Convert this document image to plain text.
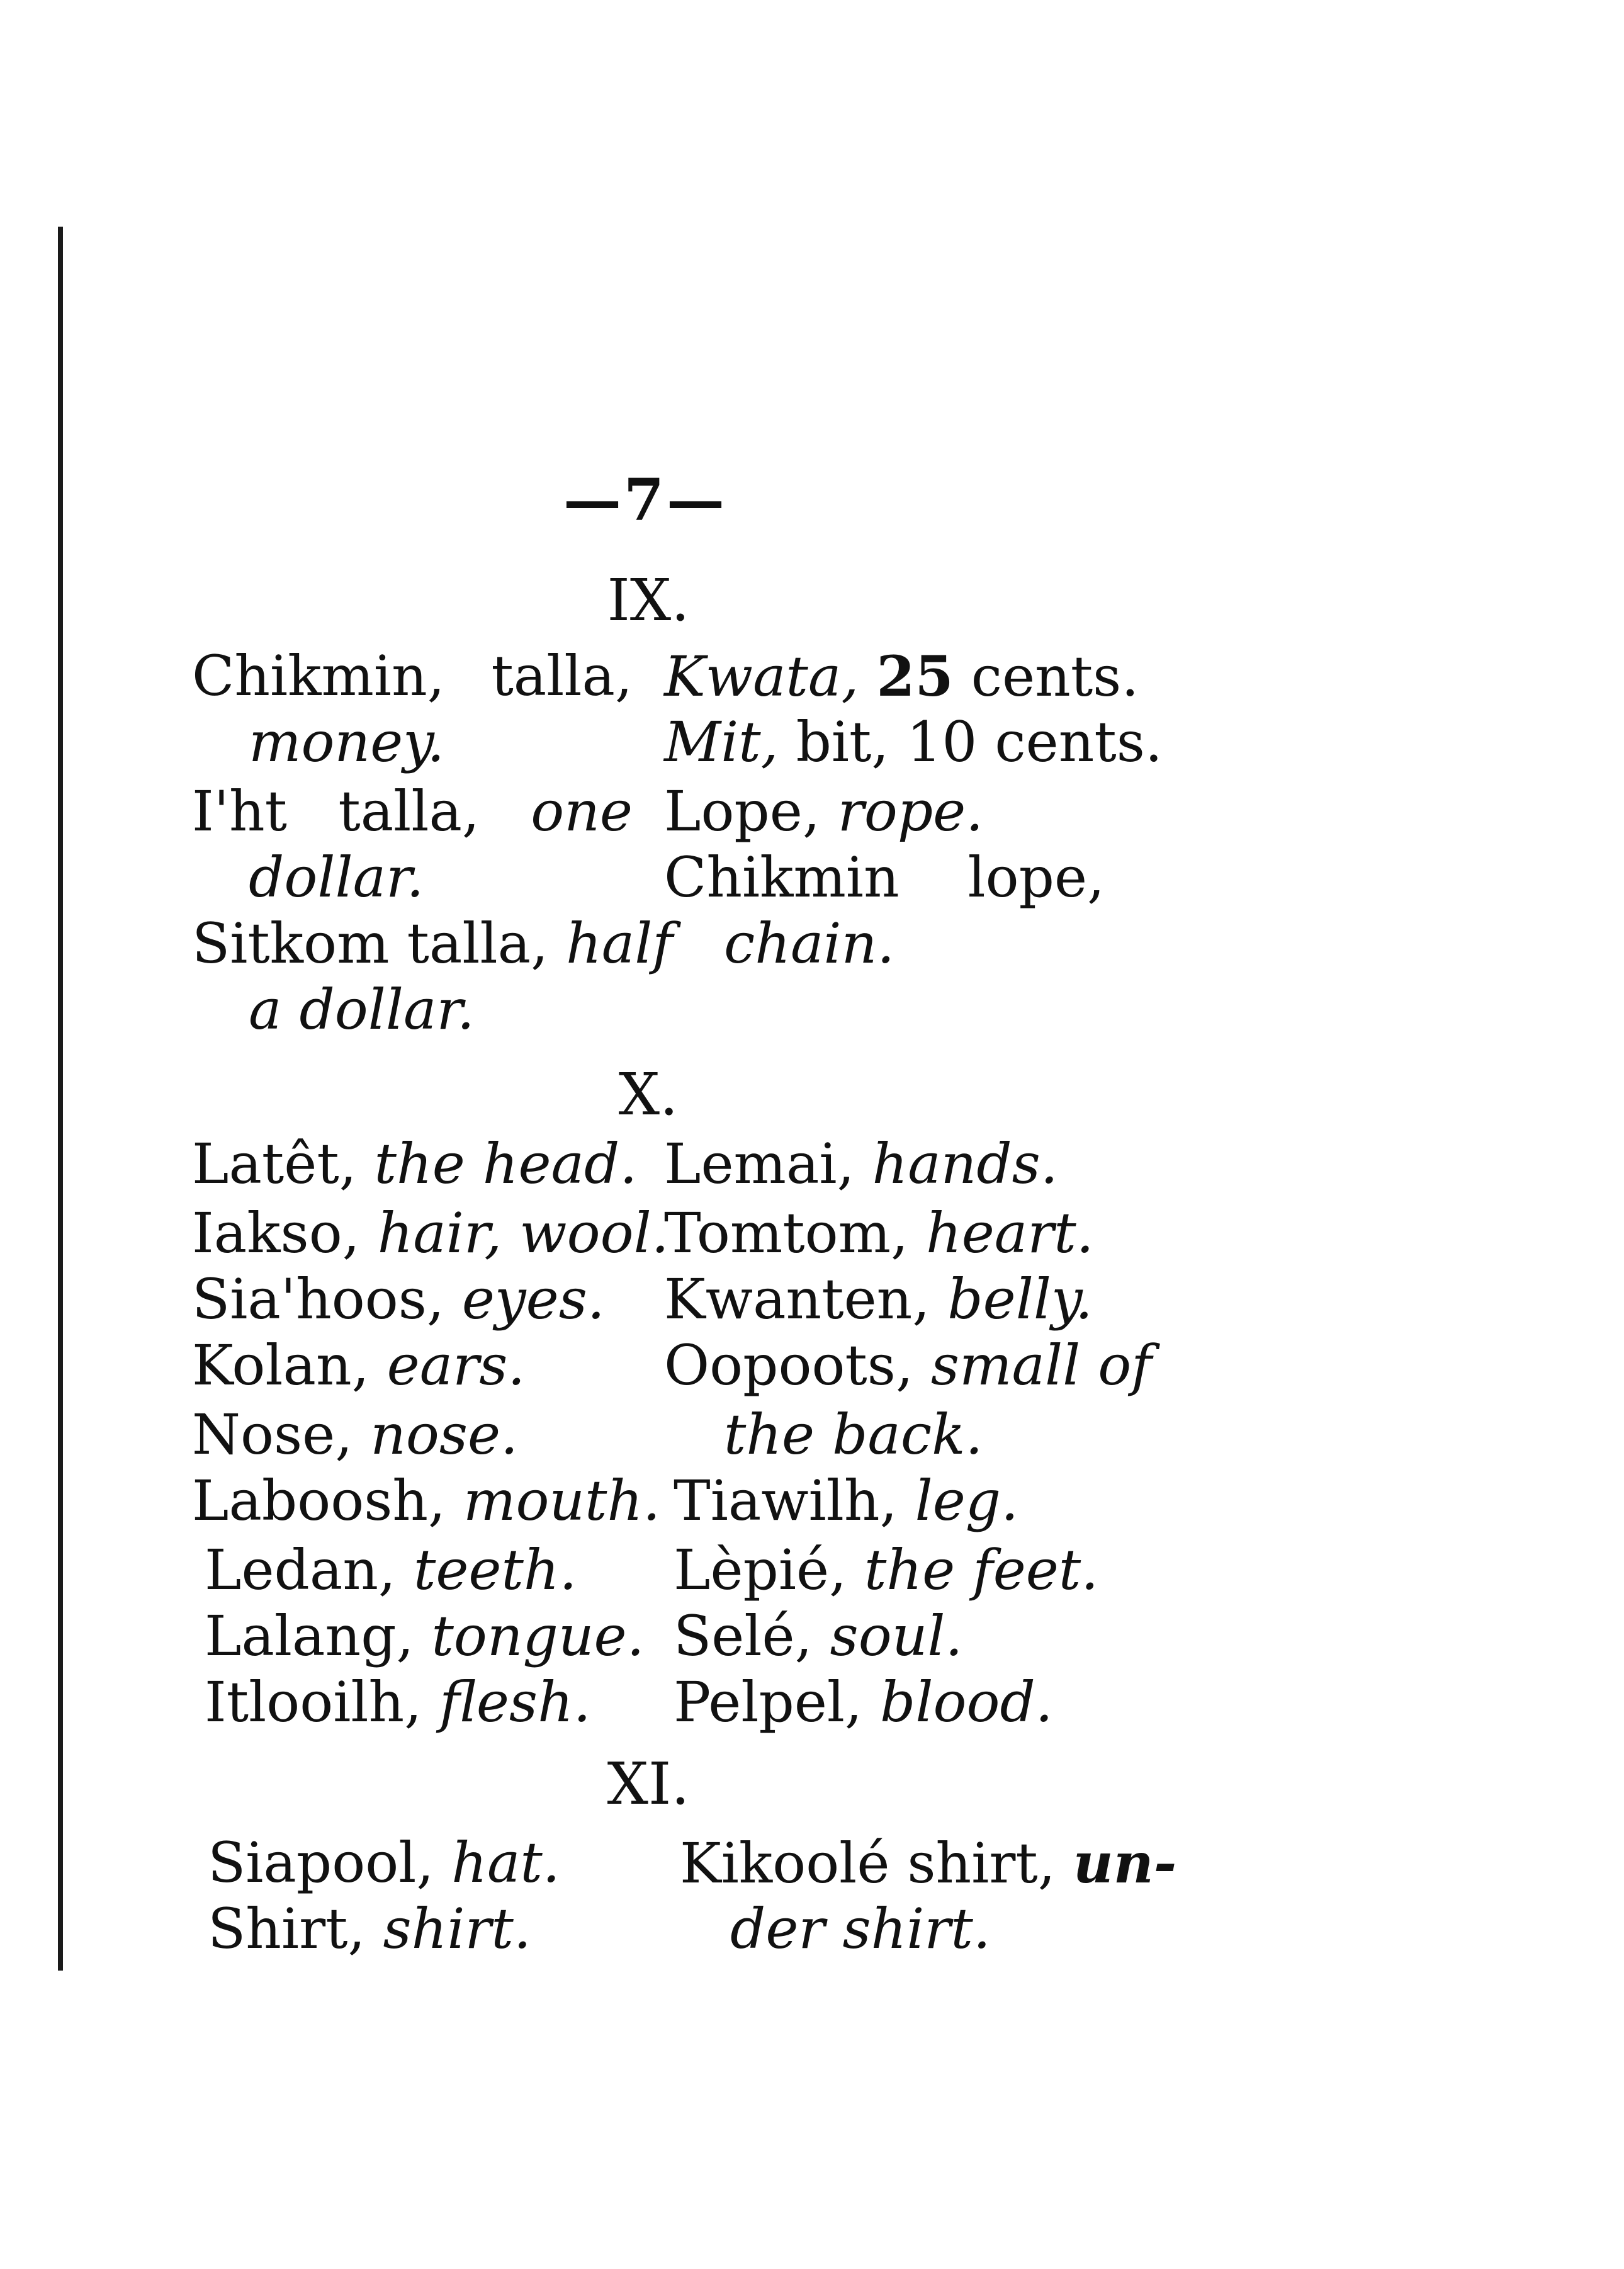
—7—
IX.
Chikmin, talla,
money.
I'ht talla, one
dollar.
Sitkom talla, half
a dollar.
Kwata, 25 cents.
Mit, bit, 10 cents.
Lope, rope.
Chikmin lope,
chain.
X.
Latêt, the head.
Iakso, hair, wool.
Sia'hoos, eyes.
Kolan, ears.
Nose, nose.
Laboosh, mouth.
Ledan, teeth.
Lalang, tongue.
Itlooilh, flesh.
Lemai, hands.
Tomtom, heart.
Kwanten, belly.
Oopoots, small of
the back.
Tiawilh, leg.
Lèpié, the feet.
Selé, soul.
Pelpel, blood.
XI.
Siapool, hat.
Shirt, shirt.
Kikoolé shirt, un-
der shirt.
